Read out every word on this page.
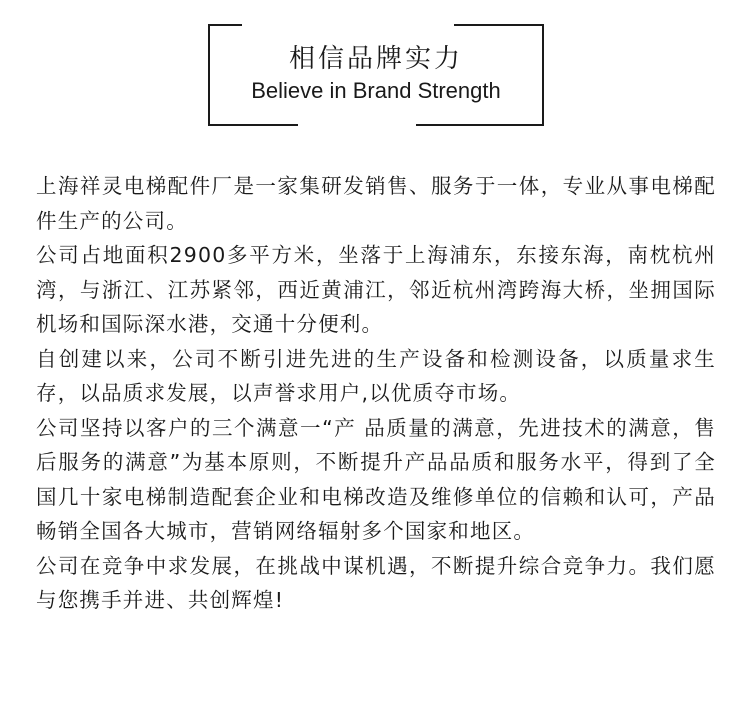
相信品牌实力
Believe in Brand Strength

上海祥灵电梯配件厂是一家集研发销售、服务于一体，专业从事电梯配件生产的公司。

公司占地面积2900多平方米，坐落于上海浦东，东接东海，南枕杭州湾，与浙江、江苏紧邻，西近黄浦江，邻近杭州湾跨海大桥，坐拥国际机场和国际深水港，交通十分便利。

自创建以来，公司不断引进先进的生产设备和检测设备，以质量求生存，以品质求发展，以声誉求用户,以优质夺市场。

公司坚持以客户的三个满意一“产 品质量的满意，先进技术的满意，售后服务的满意”为基本原则，不断提升产品品质和服务水平，得到了全国几十家电梯制造配套企业和电梯改造及维修单位的信赖和认可，产品畅销全国各大城市，营销网络辐射多个国家和地区。

公司在竞争中求发展，在挑战中谋机遇，不断提升综合竞争力。我们愿与您携手并进、共创辉煌!
